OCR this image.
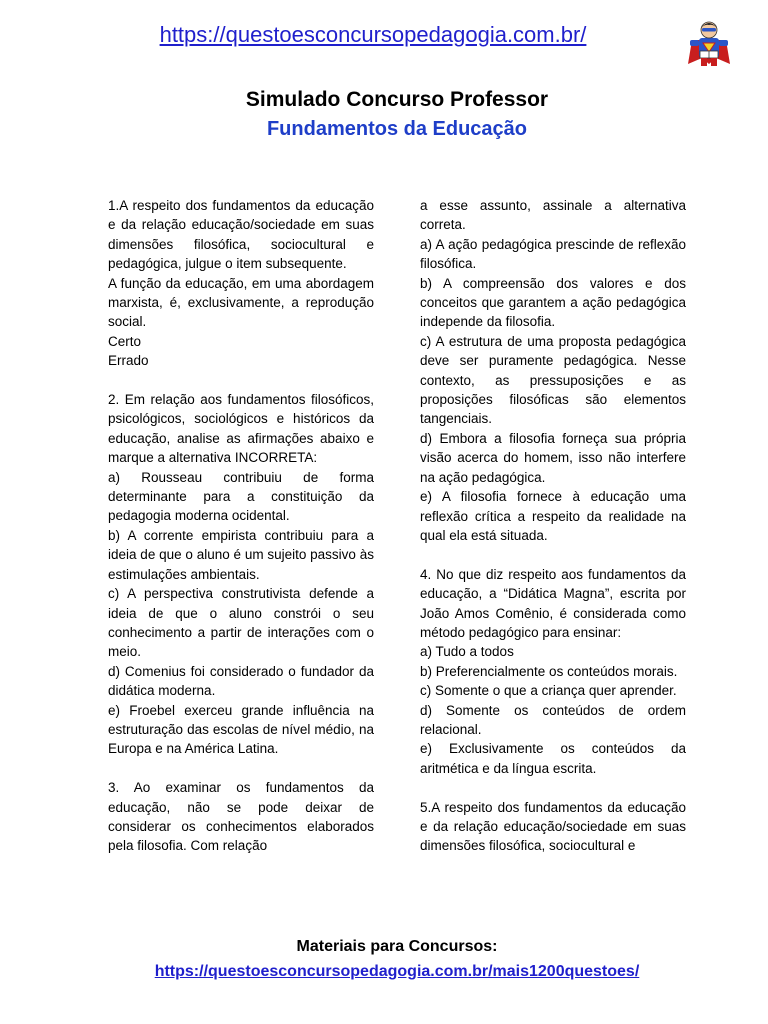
https://questoesconcursopedagogia.com.br/
Simulado Concurso Professor
Fundamentos da Educação

1.A respeito dos fundamentos da educação e da relação educação/sociedade em suas dimensões filosófica, sociocultural e pedagógica, julgue o item subsequente.

A função da educação, em uma abordagem marxista, é, exclusivamente, a reprodução social.

Certo

Errado

2. Em relação aos fundamentos filosóficos, psicológicos, sociológicos e históricos da educação, analise as afirmações abaixo e marque a alternativa INCORRETA:

a) Rousseau contribuiu de forma determinante para a constituição da pedagogia moderna ocidental.

b) A corrente empirista contribuiu para a ideia de que o aluno é um sujeito passivo às estimulações ambientais.

c) A perspectiva construtivista defende a ideia de que o aluno constrói o seu conhecimento a partir de interações com o meio.

d) Comenius foi considerado o fundador da didática moderna.

e) Froebel exerceu grande influência na estruturação das escolas de nível médio, na Europa e na América Latina.

3. Ao examinar os fundamentos da educação, não se pode deixar de considerar os conhecimentos elaborados pela filosofia. Com relação

a esse assunto, assinale a alternativa correta.

a) A ação pedagógica prescinde de reflexão filosófica.

b) A compreensão dos valores e dos conceitos que garantem a ação pedagógica independe da filosofia.

c) A estrutura de uma proposta pedagógica deve ser puramente pedagógica. Nesse contexto, as pressuposições e as proposições filosóficas são elementos tangenciais.

d) Embora a filosofia forneça sua própria visão acerca do homem, isso não interfere na ação pedagógica.

e) A filosofia fornece à educação uma reflexão crítica a respeito da realidade na qual ela está situada.

4. No que diz respeito aos fundamentos da educação, a “Didática Magna”, escrita por João Amos Comênio, é considerada como método pedagógico para ensinar:

a) Tudo a todos

b) Preferencialmente os conteúdos morais.

c) Somente o que a criança quer aprender.

d) Somente os conteúdos de ordem relacional.

e) Exclusivamente os conteúdos da aritmética e da língua escrita.

5.A respeito dos fundamentos da educação e da relação educação/sociedade em suas dimensões filosófica, sociocultural e

Materiais para Concursos:
https://questoesconcursopedagogia.com.br/mais1200questoes/
